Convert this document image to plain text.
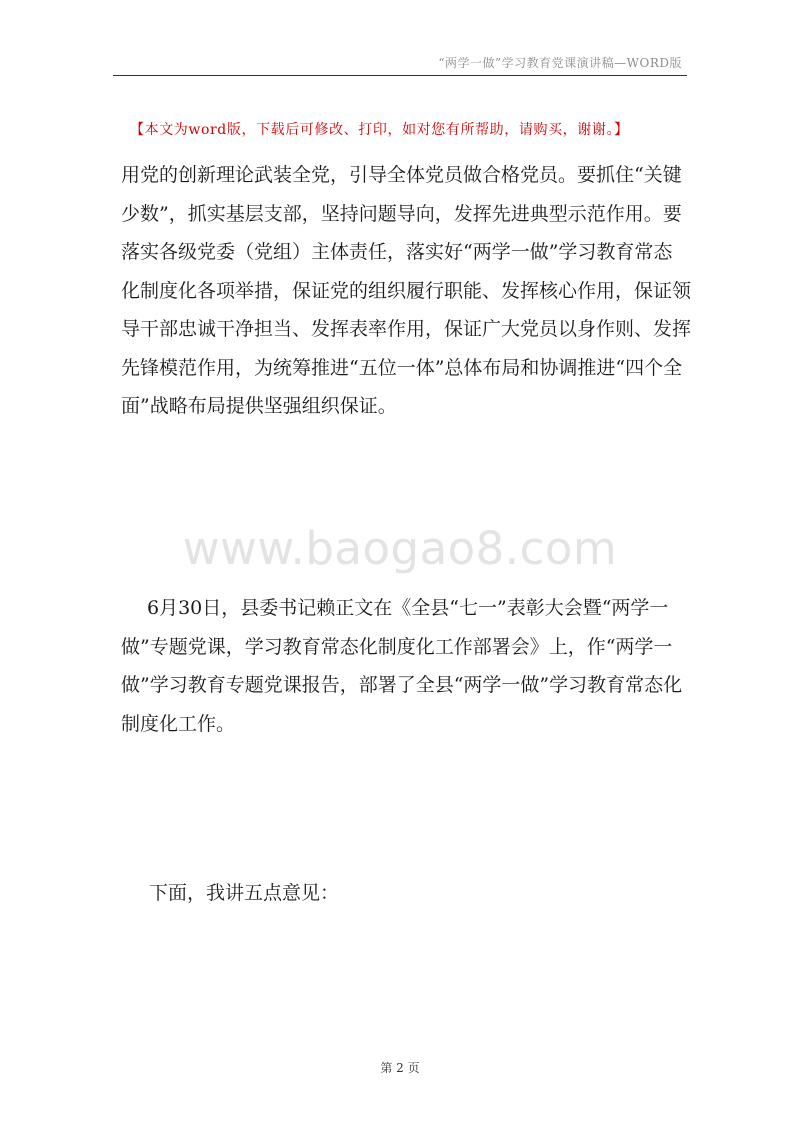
“两学一做”学习教育党课演讲稿—WORD版
【本文为word版，下载后可修改、打印，如对您有所帮助，请购买，谢谢。】

用党的创新理论武装全党，引导全体党员做合格党员。要抓住“关键少数”，抓实基层支部，坚持问题导向，发挥先进典型示范作用。要落实各级党委（党组）主体责任，落实好“两学一做”学习教育常态化制度化各项举措，保证党的组织履行职能、发挥核心作用，保证领导干部忠诚干净担当、发挥表率作用，保证广大党员以身作则、发挥先锋模范作用，为统筹推进“五位一体”总体布局和协调推进“四个全面”战略布局提供坚强组织保证。

www.baogao8.com

6月30日，县委书记赖正文在《全县“七一”表彰大会暨“两学一做”专题党课，学习教育常态化制度化工作部署会》上，作“两学一做”学习教育专题党课报告，部署了全县“两学一做”学习教育常态化制度化工作。

下面，我讲五点意见：

第 2 页
